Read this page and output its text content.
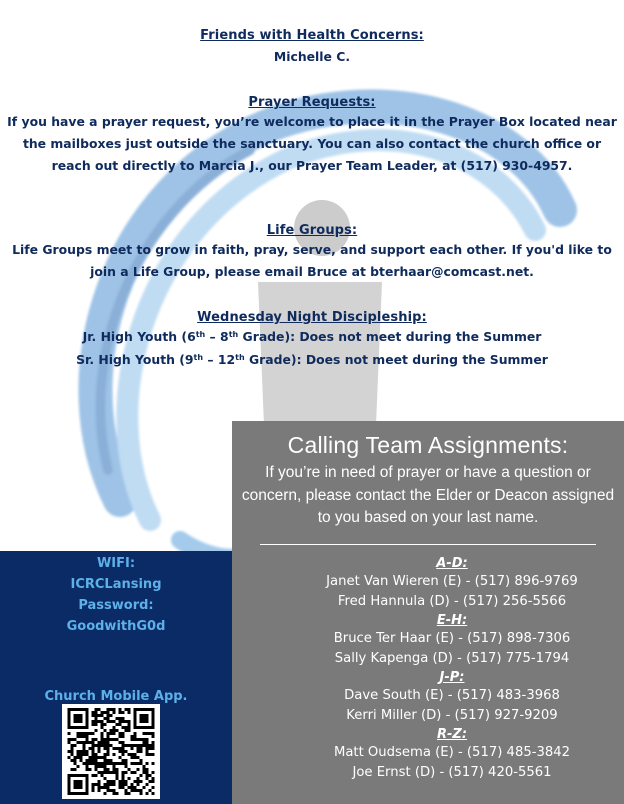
Friends with Health Concerns:
Michelle C.
Prayer Requests:
If you have a prayer request, you’re welcome to place it in the Prayer Box located near the mailboxes just outside the sanctuary. You can also contact the church office or reach out directly to Marcia J., our Prayer Team Leader, at (517) 930-4957.
Life Groups:
Life Groups meet to grow in faith, pray, serve, and support each other. If you'd like to join a Life Group, please email Bruce at bterhaar@comcast.net.
Wednesday Night Discipleship:
Jr. High Youth (6th – 8th Grade): Does not meet during the Summer
Sr. High Youth (9th – 12th Grade): Does not meet during the Summer
WIFI:
ICRCLansing
Password:
GoodwithG0d
Church Mobile App.
Calling Team Assignments:
If you’re in need of prayer or have a question or concern, please contact the Elder or Deacon assigned to you based on your last name.
A-D:
Janet Van Wieren (E) - (517) 896-9769
Fred Hannula (D) - (517) 256-5566
E-H:
Bruce Ter Haar (E) - (517) 898-7306
Sally Kapenga (D) - (517) 775-1794
J-P:
Dave South (E) - (517) 483-3968
Kerri Miller (D) - (517) 927-9209
R-Z:
Matt Oudsema (E) - (517) 485-3842
Joe Ernst (D) - (517) 420-5561
